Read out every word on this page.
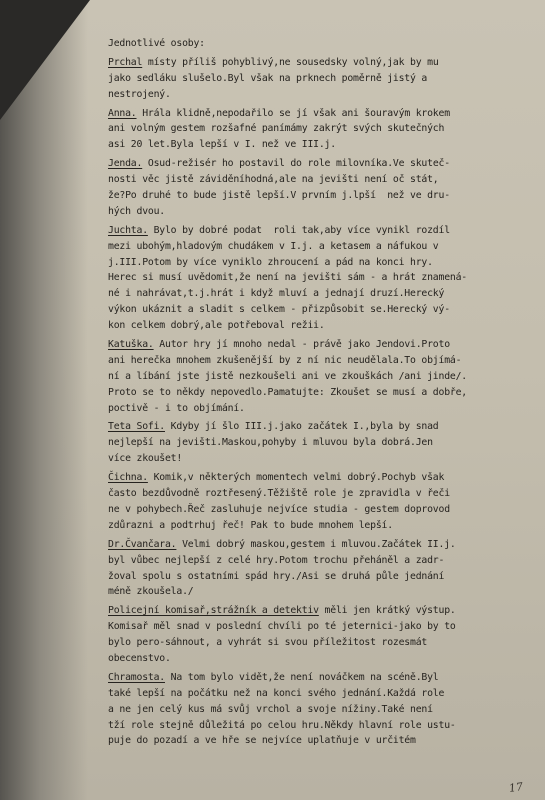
Jednotlivé osoby:
Prchal místy příliš pohyblivý,ne sousedsky volný,jak by mu
jako sedláku slušelo.Byl však na prknech poměrně jistý a
nestrojený.
Anna. Hrála klidně,nepodařilo se jí však ani šouravým krokem
ani volným gestem rozšafné panímámy zakrýt svých skutečných
asi 20 let.Byla lepší v I. než ve III.j.
Jenda. Osud-režisér ho postavil do role milovníka.Ve skuteč-
nosti věc jistě záviděníhodná,ale na jevišti není oč stát,
že?Po druhé to bude jistě lepší.V prvním j.lpší  než ve dru-
hých dvou.
Juchta. Bylo by dobré podat  roli tak,aby více vynikl rozdíl
mezi ubohým,hladovým chudákem v I.j. a ketasem a náfukou v
j.III.Potom by více vyniklo zhroucení a pád na konci hry.
Herec si musí uvědomit,že není na jevišti sám - a hrát znamená-
né i nahrávat,t.j.hrát i když mluví a jednají druzí.Herecký
výkon ukáznit a sladit s celkem - přizpůsobit se.Herecký vý-
kon celkem dobrý,ale potřeboval režii.
Katuška. Autor hry jí mnoho nedal - právě jako Jendovi.Proto
ani herečka mnohem zkušenější by z ní nic neudělala.To objímá-
ní a líbání jste jistě nezkoušeli ani ve zkouškách /ani jinde/.
Proto se to někdy nepovedlo.Pamatujte: Zkoušet se musí a dobře,
poctivě - i to objímání.
Teta Sofi. Kdyby jí šlo III.j.jako začátek I.,byla by snad
nejlepší na jevišti.Maskou,pohyby i mluvou byla dobrá.Jen
více zkoušet!
Čichna. Komik,v některých momentech velmi dobrý.Pochyb však
často bezdůvodně roztřesený.Těžiště role je zpravidla v řeči
ne v pohybech.Řeč zasluhuje nejvíce studia - gestem doprovod
zdůrazni a podtrhuj řeč! Pak to bude mnohem lepší.
Dr.Čvančara. Velmi dobrý maskou,gestem i mluvou.Začátek II.j.
byl vůbec nejlepší z celé hry.Potom trochu přeháněl a zadr-
žoval spolu s ostatními spád hry./Asi se druhá půle jednání
méně zkoušela./
Policejní komisař,strážník a detektiv měli jen krátký výstup.
Komisař měl snad v poslední chvíli po té jeternici-jako by to
bylo pero-sáhnout, a vyhrát si svou příležitost rozesmát
obecenstvo.
Chramosta. Na tom bylo vidět,že není nováčkem na scéně.Byl
také lepší na počátku než na konci svého jednání.Každá role
a ne jen celý kus má svůj vrchol a svoje nížiny.Také není
tží role stejně důležitá po celou hru.Někdy hlavní role ustu-
puje do pozadí a ve hře se nejvíce uplatňuje v určitém
17
